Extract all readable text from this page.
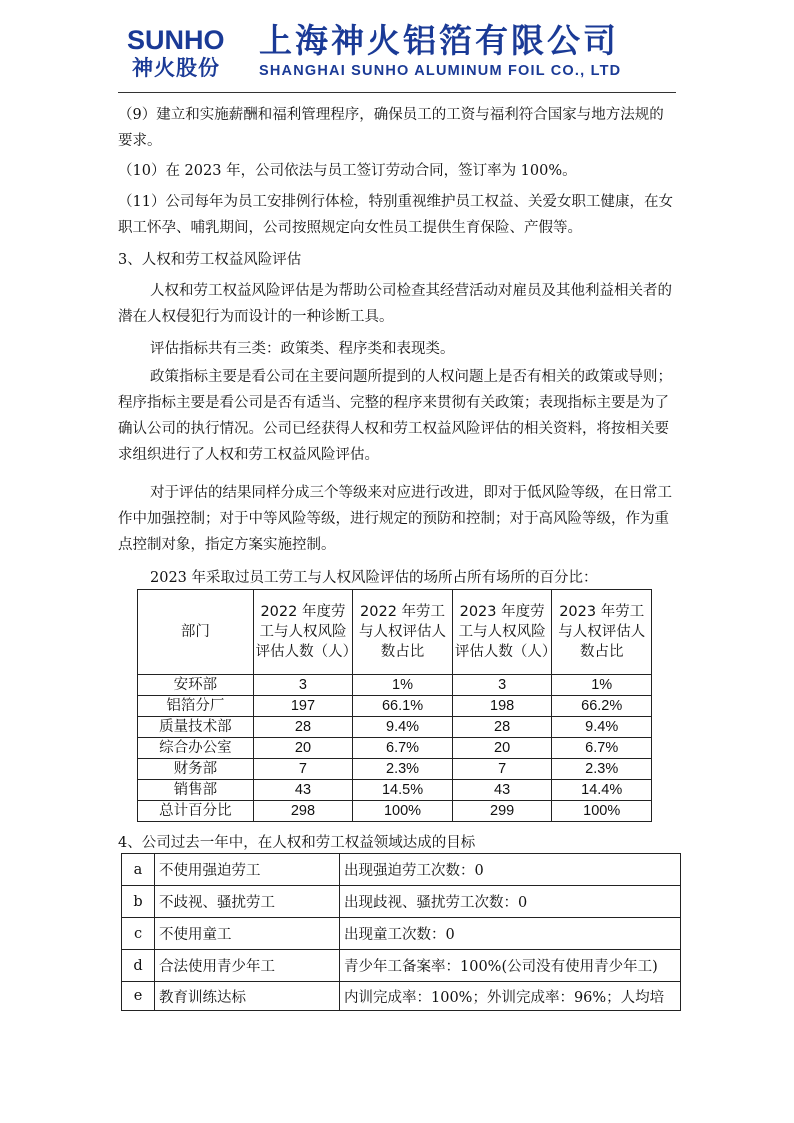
SUNHO
神火股份
上海神火铝箔有限公司
SHANGHAI SUNHO ALUMINUM FOIL CO., LTD
（9）建立和实施薪酬和福利管理程序，确保员工的工资与福利符合国家与地方法规的要求。
（10）在 2023 年，公司依法与员工签订劳动合同，签订率为 100%。
（11）公司每年为员工安排例行体检，特别重视维护员工权益、关爱女职工健康，在女职工怀孕、哺乳期间，公司按照规定向女性员工提供生育保险、产假等。
3、人权和劳工权益风险评估
人权和劳工权益风险评估是为帮助公司检查其经营活动对雇员及其他利益相关者的潜在人权侵犯行为而设计的一种诊断工具。
评估指标共有三类：政策类、程序类和表现类。
政策指标主要是看公司在主要问题所提到的人权问题上是否有相关的政策或导则；程序指标主要是看公司是否有适当、完整的程序来贯彻有关政策；表现指标主要是为了确认公司的执行情况。公司已经获得人权和劳工权益风险评估的相关资料，将按相关要求组织进行了人权和劳工权益风险评估。
对于评估的结果同样分成三个等级来对应进行改进，即对于低风险等级，在日常工作中加强控制；对于中等风险等级，进行规定的预防和控制；对于高风险等级，作为重点控制对象，指定方案实施控制。
2023 年采取过员工劳工与人权风险评估的场所占所有场所的百分比：
部门	2022 年度劳工与人权风险评估人数（人）	2022 年劳工与人权评估人数占比	2023 年度劳工与人权风险评估人数（人）	2023 年劳工与人权评估人数占比
安环部	3	1%	3	1%
铝箔分厂	197	66.1%	198	66.2%
质量技术部	28	9.4%	28	9.4%
综合办公室	20	6.7%	20	6.7%
财务部	7	2.3%	7	2.3%
销售部	43	14.5%	43	14.4%
总计百分比	298	100%	299	100%
4、公司过去一年中，在人权和劳工权益领域达成的目标
a	不使用强迫劳工	出现强迫劳工次数：0
b	不歧视、骚扰劳工	出现歧视、骚扰劳工次数：0
c	不使用童工	出现童工次数：0
d	合法使用青少年工	青少年工备案率：100%(公司没有使用青少年工)
e	教育训练达标	内训完成率：100%；外训完成率：96%；人均培
